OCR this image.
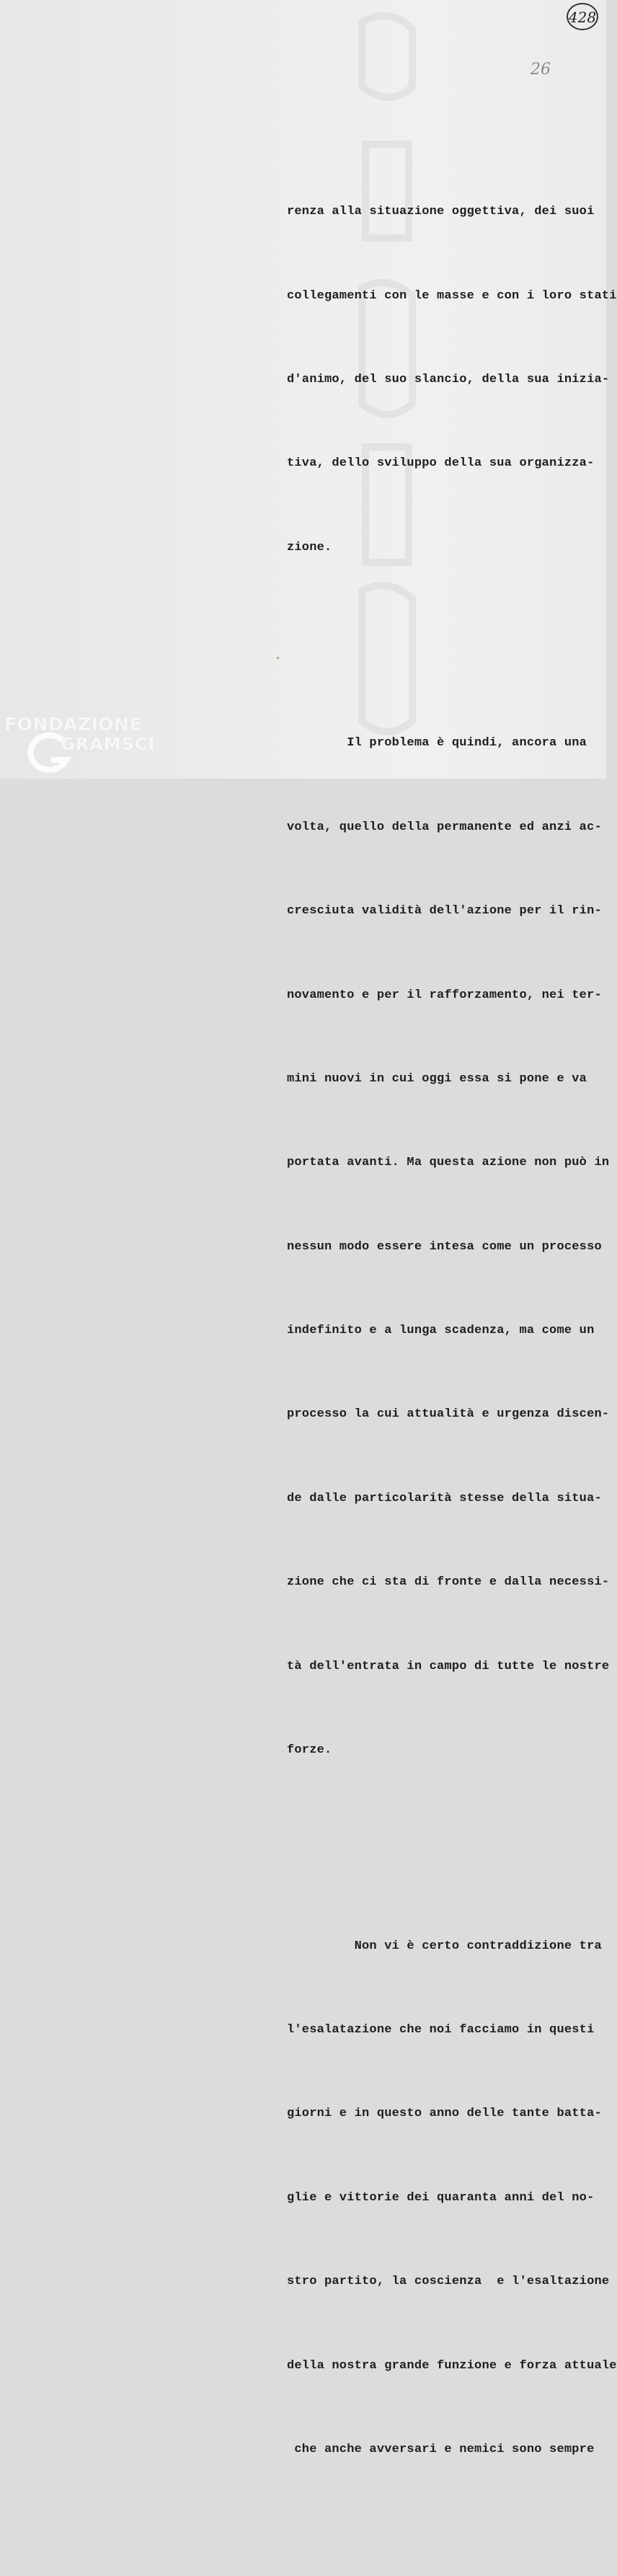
428
26

renza alla situazione oggettiva, dei suoi

collegamenti con le masse e con i loro stati

d'animo, del suo slancio, della sua inizia-

tiva, dello sviluppo della sua organizza-

zione.

Il problema è quindi, ancora una

volta, quello della permanente ed anzi ac-

cresciuta validità dell'azione per il rin-

novamento e per il rafforzamento, nei ter-

mini nuovi in cui oggi essa si pone e va

portata avanti. Ma questa azione non può in

nessun modo essere intesa come un processo

indefinito e a lunga scadenza, ma come un

processo la cui attualità e urgenza discen-

de dalle particolarità stesse della situa-

zione che ci sta di fronte e dalla necessi-

tà dell'entrata in campo di tutte le nostre

forze.

Non vi è certo contraddizione tra

l'esalatazione che noi facciamo in questi

giorni e in questo anno delle tante batta-

glie e vittorie dei quaranta anni del no-

stro partito, la coscienza  e l'esaltazione

della nostra grande funzione e forza attuale

che anche avversari e nemici sono sempre

FONDAZIONE
GRAMSCI
